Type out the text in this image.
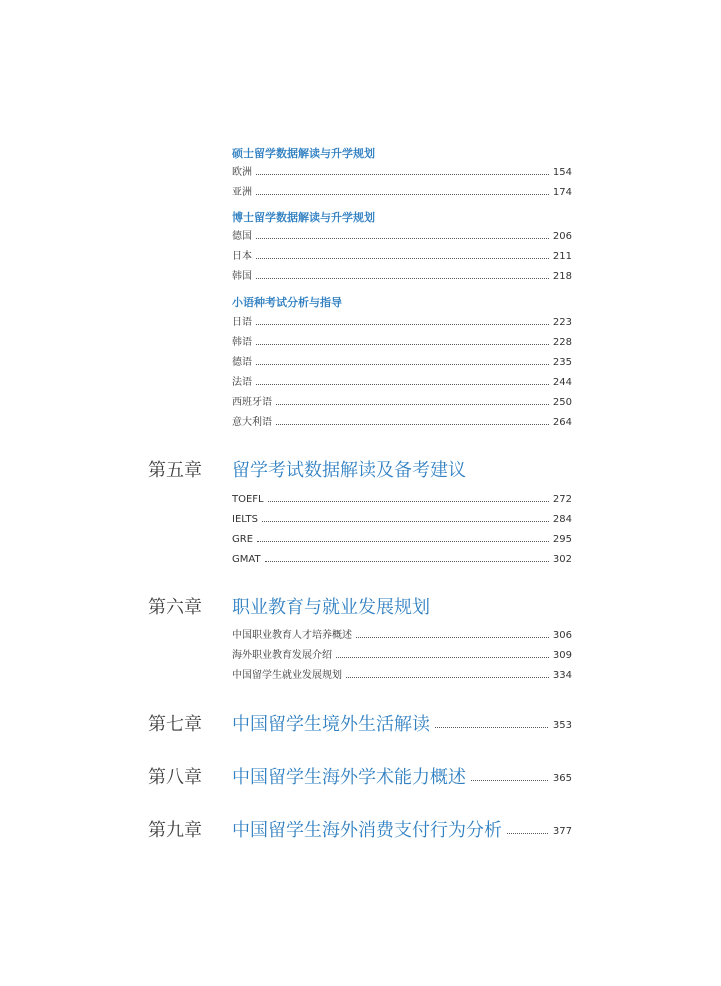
硕士留学数据解读与升学规划
欧洲	154
亚洲	174
博士留学数据解读与升学规划
德国	206
日本	211
韩国	218
小语种考试分析与指导
日语	223
韩语	228
德语	235
法语	244
西班牙语	250
意大利语	264
第五章 留学考试数据解读及备考建议
TOEFL	272
IELTS	284
GRE	295
GMAT	302
第六章 职业教育与就业发展规划
中国职业教育人才培养概述	306
海外职业教育发展介绍	309
中国留学生就业发展规划	334
第七章 中国留学生境外生活解读	353
第八章 中国留学生海外学术能力概述	365
第九章 中国留学生海外消费支付行为分析	377
